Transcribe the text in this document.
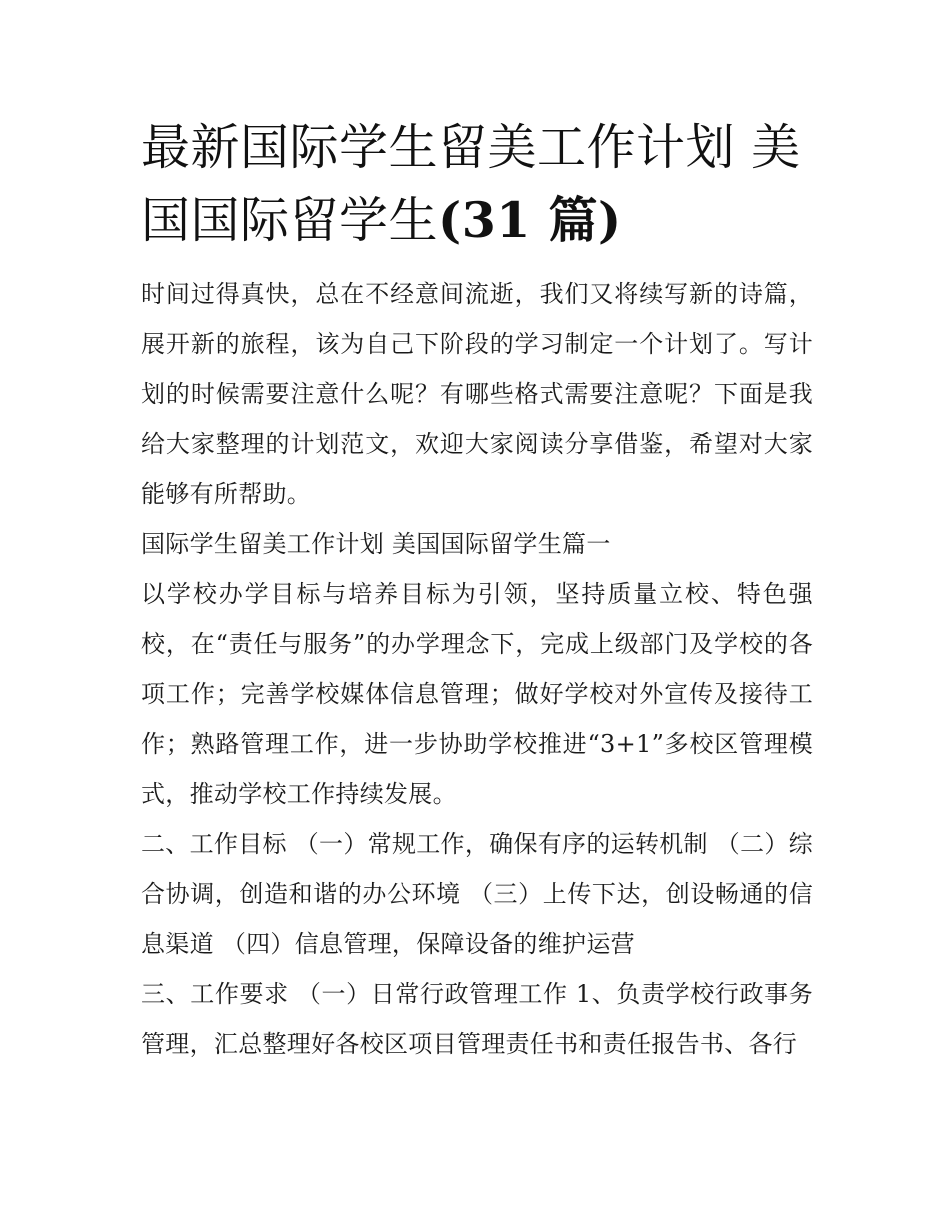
最新国际学生留美工作计划 美国国际留学生(31 篇)

时间过得真快，总在不经意间流逝，我们又将续写新的诗篇，展开新的旅程，该为自己下阶段的学习制定一个计划了。写计划的时候需要注意什么呢？有哪些格式需要注意呢？下面是我给大家整理的计划范文，欢迎大家阅读分享借鉴，希望对大家能够有所帮助。

国际学生留美工作计划 美国国际留学生篇一

以学校办学目标与培养目标为引领，坚持质量立校、特色强校，在“责任与服务”的办学理念下，完成上级部门及学校的各项工作；完善学校媒体信息管理；做好学校对外宣传及接待工作；熟路管理工作，进一步协助学校推进“3+1”多校区管理模式，推动学校工作持续发展。

二、工作目标 （一）常规工作，确保有序的运转机制 （二）综合协调，创造和谐的办公环境 （三）上传下达，创设畅通的信息渠道 （四）信息管理，保障设备的维护运营

三、工作要求 （一）日常行政管理工作 1、负责学校行政事务管理，汇总整理好各校区项目管理责任书和责任报告书、各行
